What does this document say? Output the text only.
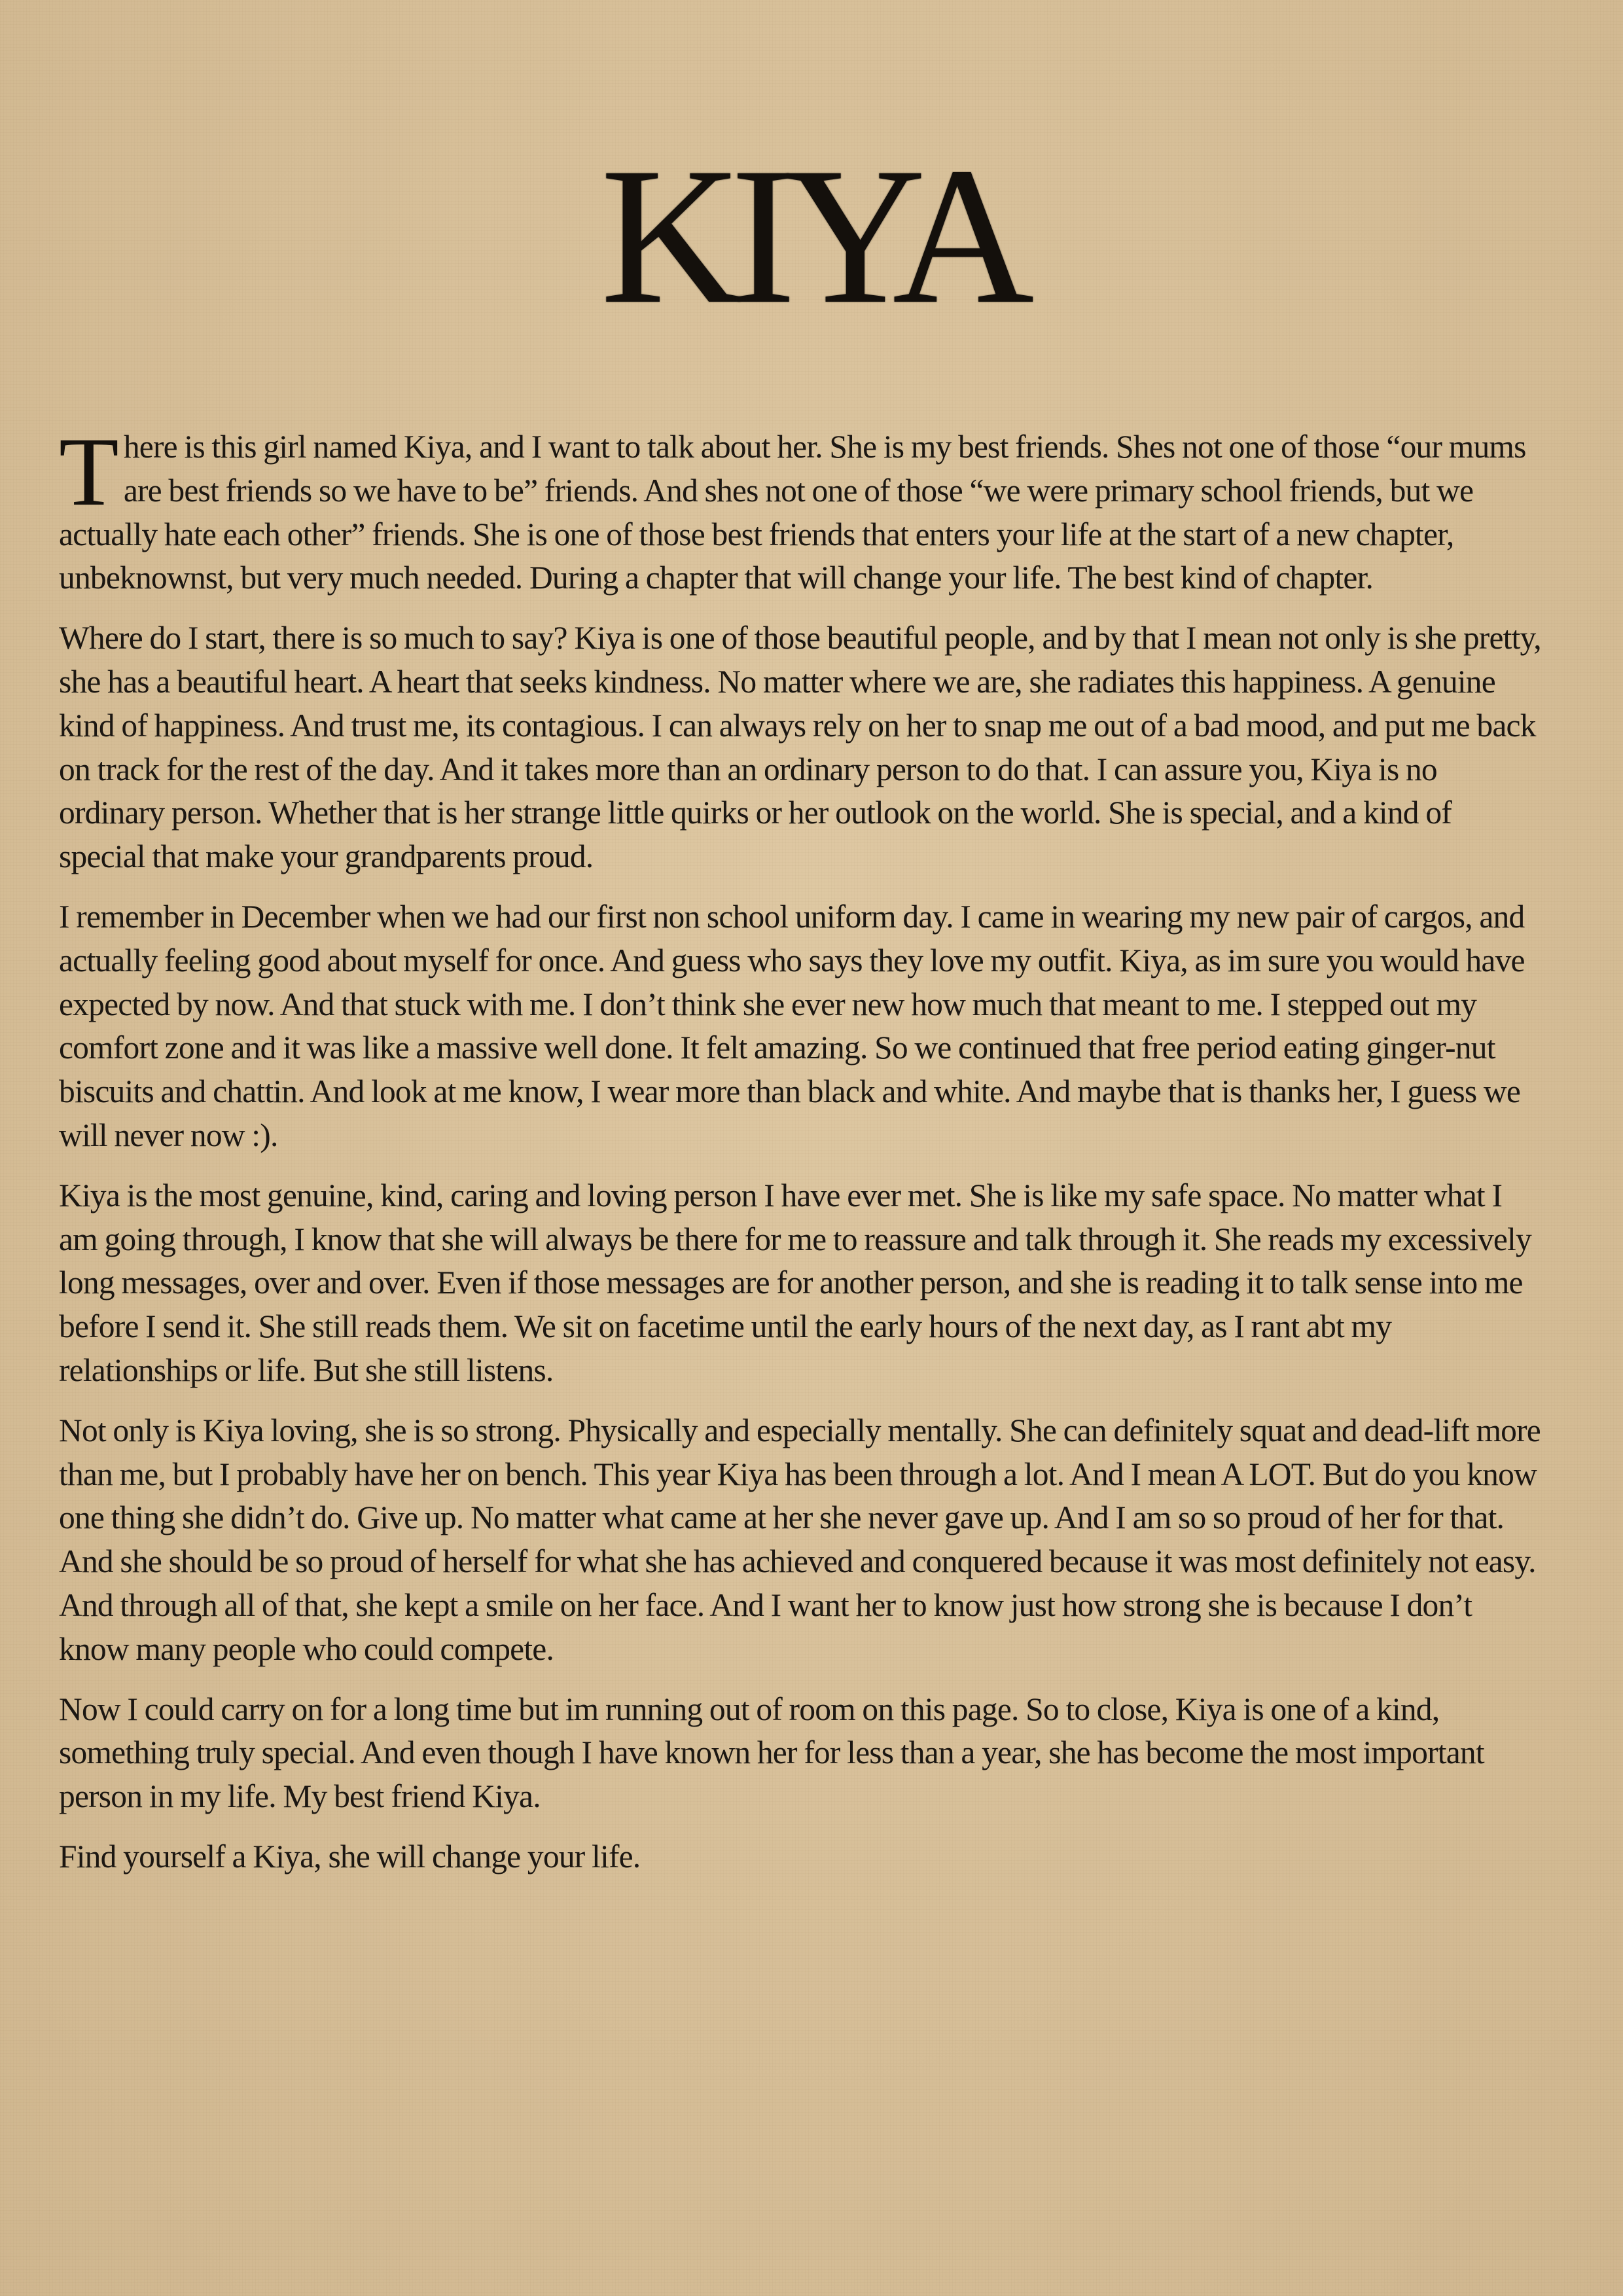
KIYA

There is this girl named Kiya, and I want to talk about her. She is my best friends. Shes not one of those “our mums are best friends so we have to be” friends. And shes not one of those “we were primary school friends, but we actually hate each other” friends. She is one of those best friends that enters your life at the start of a new chapter, unbeknownst, but very much needed. During a chapter that will change your life. The best kind of chapter.

Where do I start, there is so much to say? Kiya is one of those beautiful people, and by that I mean not only is she pretty, she has a beautiful heart. A heart that seeks kindness. No matter where we are, she radiates this happiness. A genuine kind of happiness. And trust me, its contagious. I can always rely on her to snap me out of a bad mood, and put me back on track for the rest of the day. And it takes more than an ordinary person to do that. I can assure you, Kiya is no ordinary person. Whether that is her strange little quirks or her outlook on the world. She is special, and a kind of special that make your grandparents proud.

I remember in December when we had our first non school uniform day. I came in wearing my new pair of cargos, and actually feeling good about myself for once. And guess who says they love my outfit. Kiya, as im sure you would have expected by now. And that stuck with me. I don’t think she ever new how much that meant to me. I stepped out my comfort zone and it was like a massive well done. It felt amazing. So we continued that free period eating ginger-nut biscuits and chattin. And look at me know, I wear more than black and white. And maybe that is thanks her, I guess we will never now :).

Kiya is the most genuine, kind, caring and loving person I have ever met. She is like my safe space. No matter what I am going through, I know that she will always be there for me to reassure and talk through it. She reads my excessively long messages, over and over. Even if those messages are for another person, and she is reading it to talk sense into me before I send it. She still reads them. We sit on facetime until the early hours of the next day, as I rant abt my relationships or life. But she still listens.

Not only is Kiya loving, she is so strong. Physically and especially mentally. She can definitely squat and dead-lift more than me, but I probably have her on bench. This year Kiya has been through a lot. And I mean A LOT. But do you know one thing she didn’t do. Give up. No matter what came at her she never gave up. And I am so so proud of her for that. And she should be so proud of herself for what she has achieved and conquered because it was most definitely not easy. And through all of that, she kept a smile on her face. And I want her to know just how strong she is because I don’t know many people who could compete.

Now I could carry on for a long time but im running out of room on this page. So to close, Kiya is one of a kind, something truly special. And even though I have known her for less than a year, she has become the most important person in my life. My best friend Kiya.

Find yourself a Kiya, she will change your life.
